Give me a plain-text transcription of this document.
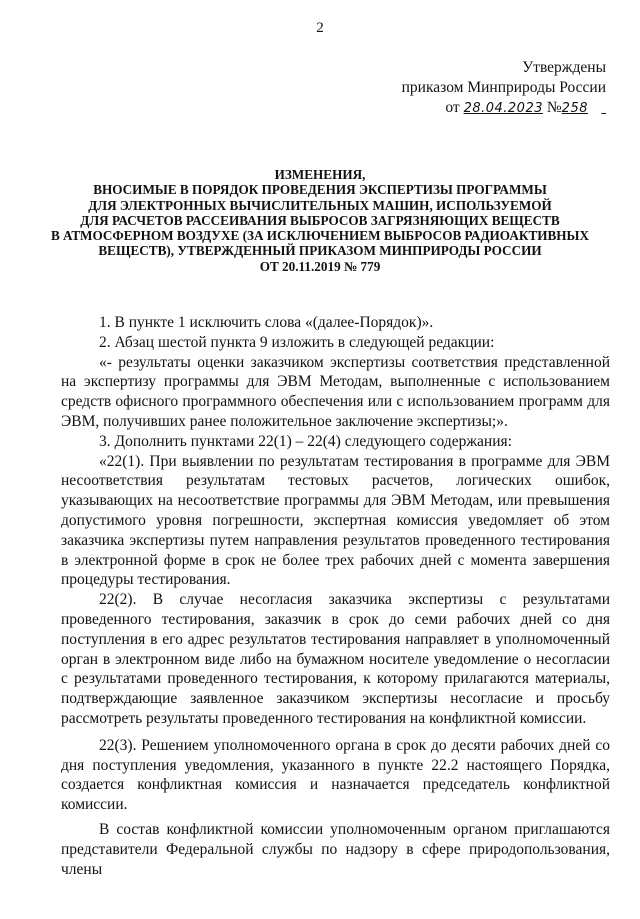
2
Утверждены
приказом Минприроды России
от 28.04.2023 №258
ИЗМЕНЕНИЯ,
ВНОСИМЫЕ В ПОРЯДОК ПРОВЕДЕНИЯ ЭКСПЕРТИЗЫ ПРОГРАММЫ
ДЛЯ ЭЛЕКТРОННЫХ ВЫЧИСЛИТЕЛЬНЫХ МАШИН, ИСПОЛЬЗУЕМОЙ
ДЛЯ РАСЧЕТОВ РАССЕИВАНИЯ ВЫБРОСОВ ЗАГРЯЗНЯЮЩИХ ВЕЩЕСТВ
В АТМОСФЕРНОМ ВОЗДУХЕ (ЗА ИСКЛЮЧЕНИЕМ ВЫБРОСОВ РАДИОАКТИВНЫХ
ВЕЩЕСТВ), УТВЕРЖДЕННЫЙ ПРИКАЗОМ МИНПРИРОДЫ РОССИИ
ОТ 20.11.2019 № 779

1. В пункте 1 исключить слова «(далее-Порядок)».

2. Абзац шестой пункта 9 изложить в следующей редакции:

«- результаты оценки заказчиком экспертизы соответствия представленной на экспертизу программы для ЭВМ Методам, выполненные с использованием средств офисного программного обеспечения или с использованием программ для ЭВМ, получивших ранее положительное заключение экспертизы;».

3. Дополнить пунктами 22(1) – 22(4) следующего содержания:

«22(1). При выявлении по результатам тестирования в программе для ЭВМ несоответствия результатам тестовых расчетов, логических ошибок, указывающих на несоответствие программы для ЭВМ Методам, или превышения допустимого уровня погрешности, экспертная комиссия уведомляет об этом заказчика экспертизы путем направления результатов проведенного тестирования в электронной форме в срок не более трех рабочих дней с момента завершения процедуры тестирования.

22(2). В случае несогласия заказчика экспертизы с результатами проведенного тестирования, заказчик в срок до семи рабочих дней со дня поступления в его адрес результатов тестирования направляет в уполномоченный орган в электронном виде либо на бумажном носителе уведомление о несогласии с результатами проведенного тестирования, к которому прилагаются материалы, подтверждающие заявленное заказчиком экспертизы несогласие и просьбу рассмотреть результаты проведенного тестирования на конфликтной комиссии.

22(3). Решением уполномоченного органа в срок до десяти рабочих дней со дня поступления уведомления, указанного в пункте 22.2 настоящего Порядка, создается конфликтная комиссия и назначается председатель конфликтной комиссии.

В состав конфликтной комиссии уполномоченным органом приглашаются представители Федеральной службы по надзору в сфере природопользования, члены
